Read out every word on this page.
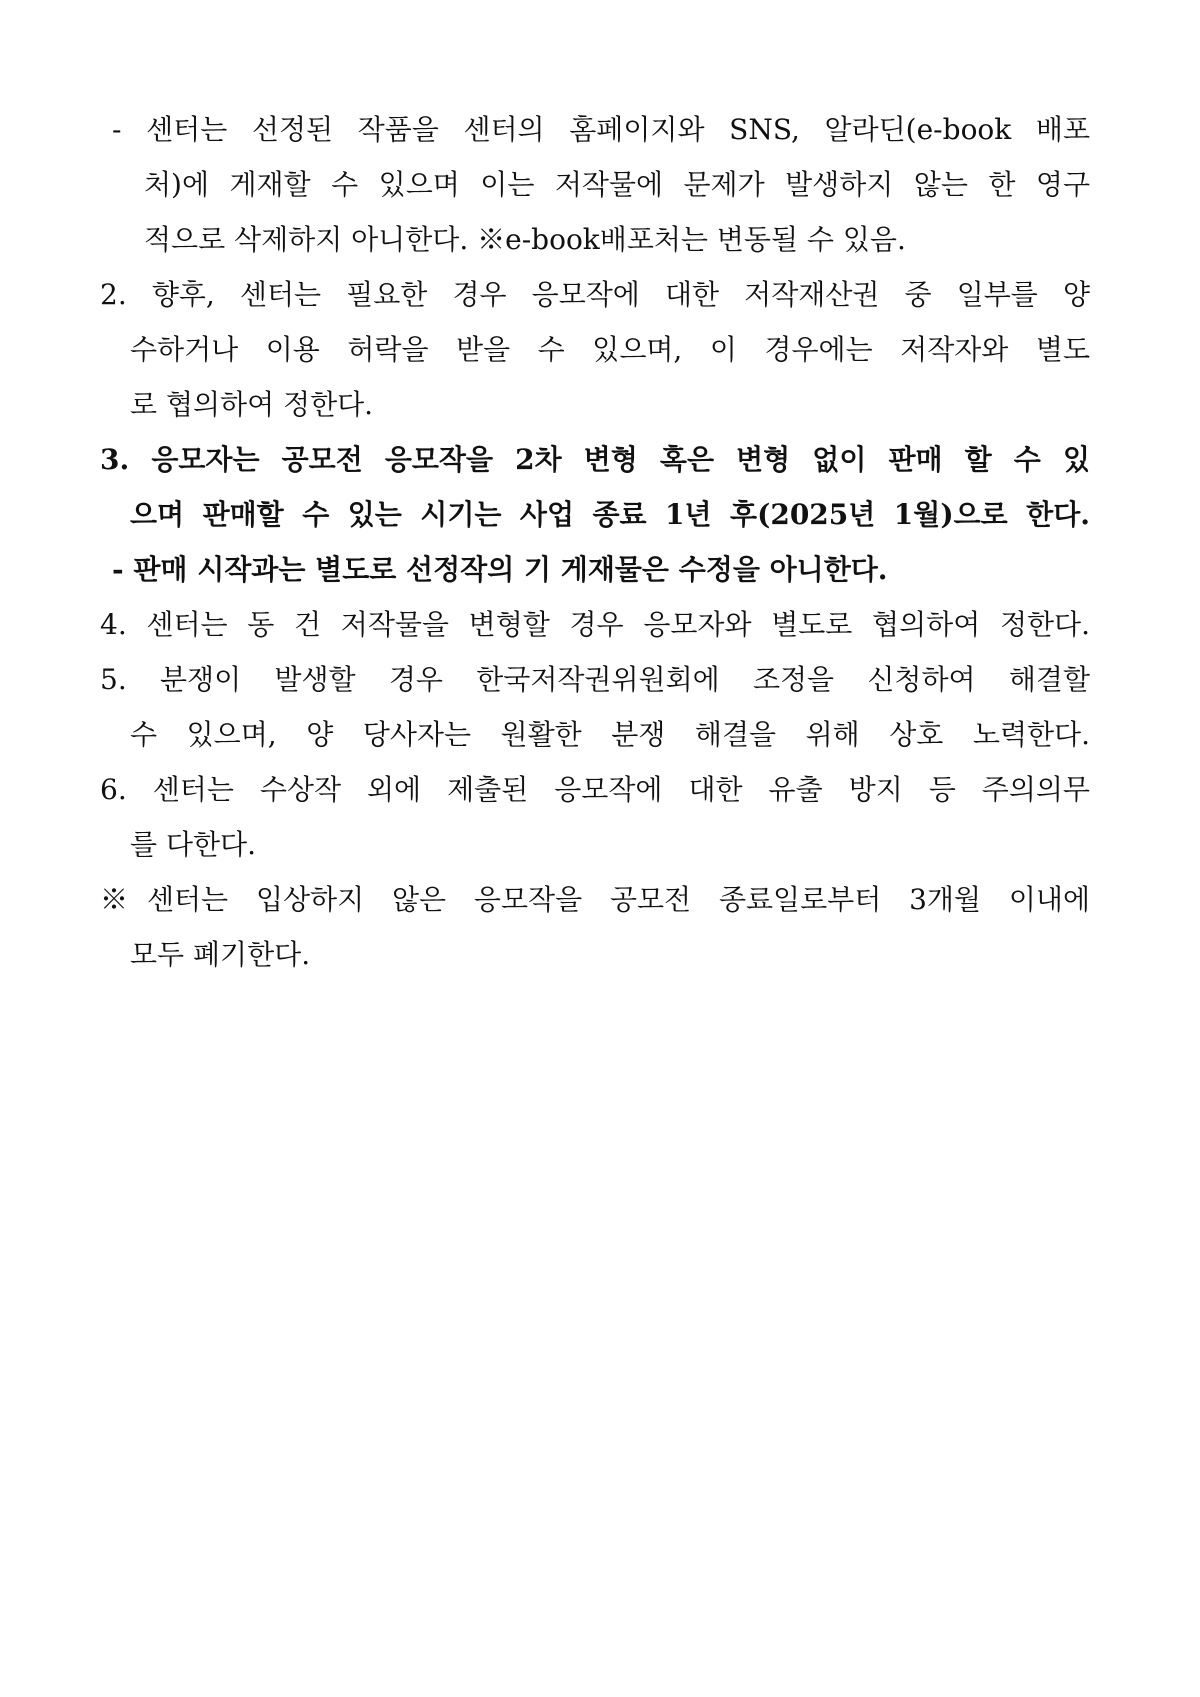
- 센터는 선정된 작품을 센터의 홈페이지와 SNS, 알라딘(e-book 배포
처)에 게재할 수 있으며 이는 저작물에 문제가 발생하지 않는 한 영구
적으로 삭제하지 아니한다. ※e-book배포처는 변동될 수 있음.
2. 향후, 센터는 필요한 경우 응모작에 대한 저작재산권 중 일부를 양
수하거나 이용 허락을 받을 수 있으며, 이 경우에는 저작자와 별도
로 협의하여 정한다.
3. 응모자는 공모전 응모작을 2차 변형 혹은 변형 없이 판매 할 수 있
으며 판매할 수 있는 시기는 사업 종료 1년 후(2025년 1월)으로 한다.
- 판매 시작과는 별도로 선정작의 기 게재물은 수정을 아니한다.
4. 센터는 동 건 저작물을 변형할 경우 응모자와 별도로 협의하여 정한다.
5. 분쟁이 발생할 경우 한국저작권위원회에 조정을 신청하여 해결할
수 있으며, 양 당사자는 원활한 분쟁 해결을 위해 상호 노력한다.
6. 센터는 수상작 외에 제출된 응모작에 대한 유출 방지 등 주의의무
를 다한다.
※센터는 입상하지 않은 응모작을 공모전 종료일로부터 3개월 이내에
모두 폐기한다.
